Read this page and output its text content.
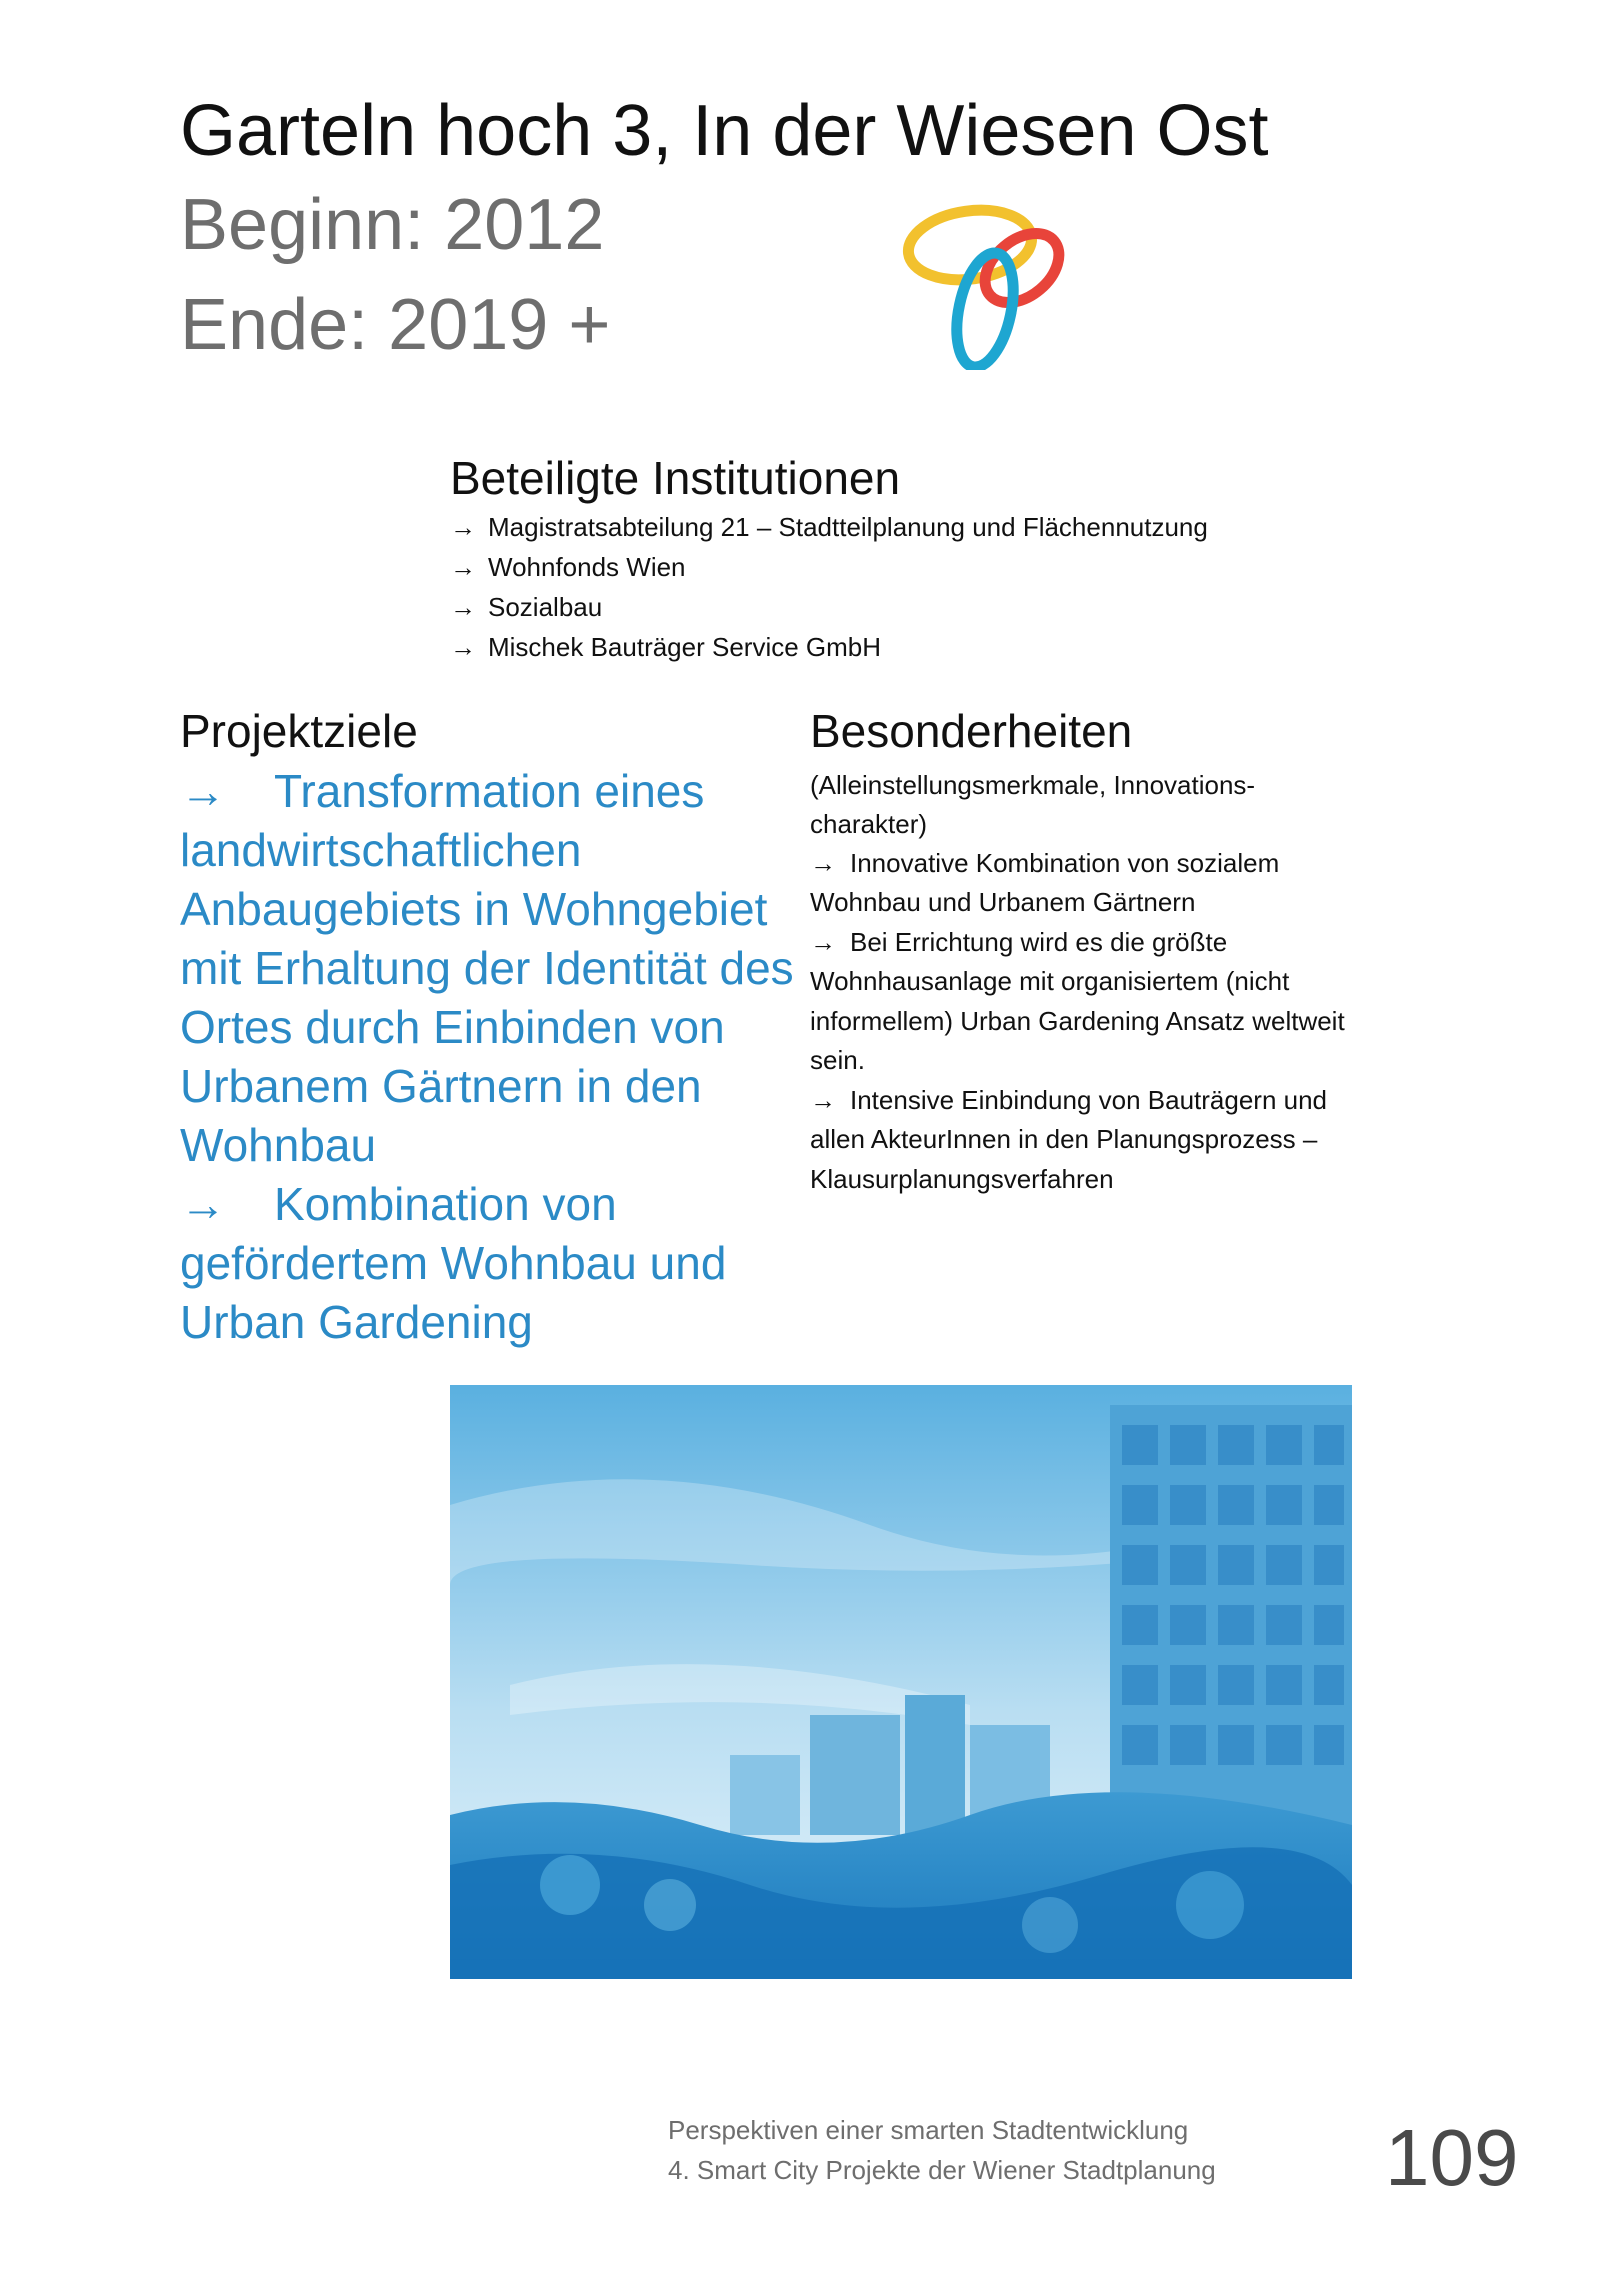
Garteln hoch 3, In der Wiesen Ost
Beginn: 2012
Ende: 2019 +
Beteiligte Institutionen
→ Magistratsabteilung 21 – Stadtteilplanung und Flächennutzung
→ Wohnfonds Wien
→ Sozialbau
→ Mischek Bauträger Service GmbH
Projektziele

→ Transformation eines landwirtschaftlichen Anbaugebiets in Wohngebiet mit Erhaltung der Identität des Ortes durch Einbinden von Urbanem Gärtnern in den Wohnbau

→ Kombination von gefördertem Wohnbau und Urban Gardening

Besonderheiten

(Alleinstellungsmerkmale, Innovations-charakter)

→ Innovative Kombination von sozialem Wohnbau und Urbanem Gärtnern

→ Bei Errichtung wird es die größte Wohnhausanlage mit organisiertem (nicht informellem) Urban Gardening Ansatz weltweit sein.

→ Intensive Einbindung von Bauträgern und allen AkteurInnen in den Planungsprozess – Klausurplanungsverfahren

Perspektiven einer smarten Stadtentwicklung
4. Smart City Projekte der Wiener Stadtplanung 109
